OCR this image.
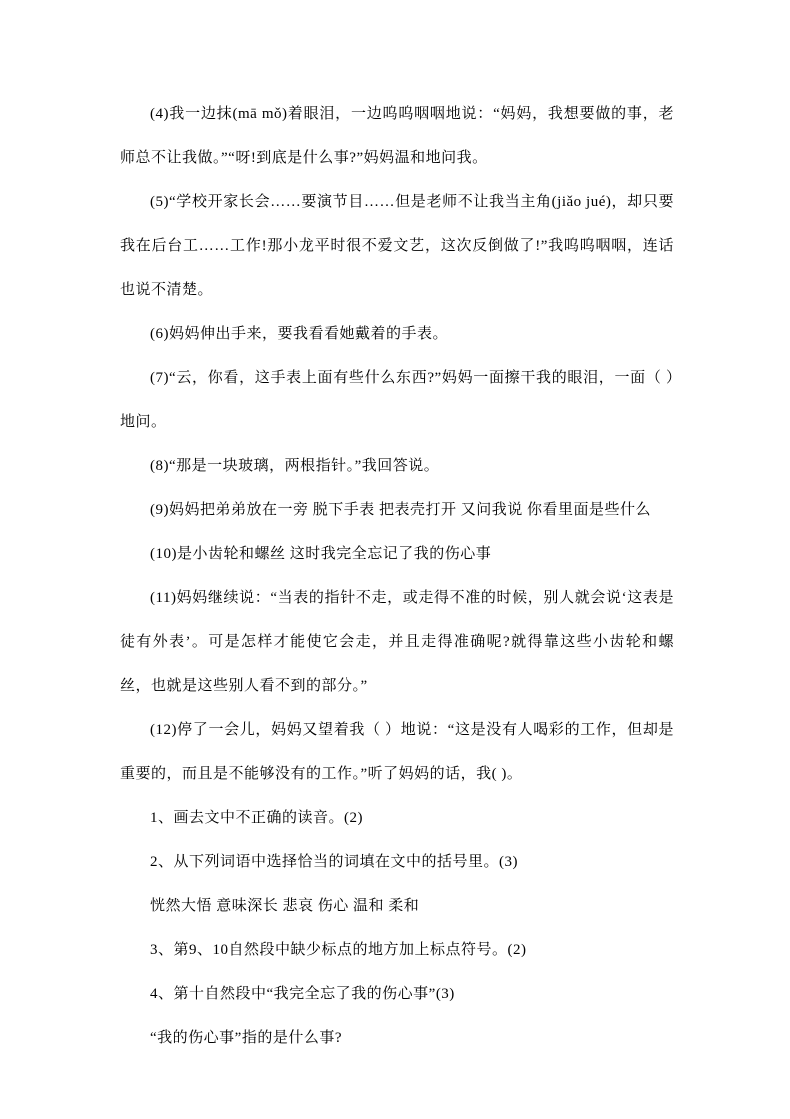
(4)我一边抹(mā mǒ)着眼泪，一边呜呜咽咽地说：“妈妈，我想要做的事，老师总不让我做。”“呀!到底是什么事?”妈妈温和地问我。

(5)“学校开家长会……要演节目……但是老师不让我当主角(jiǎo jué)，却只要我在后台工……工作!那小龙平时很不爱文艺，这次反倒做了!”我呜呜咽咽，连话也说不清楚。

(6)妈妈伸出手来，要我看看她戴着的手表。

(7)“云，你看，这手表上面有些什么东西?”妈妈一面擦干我的眼泪，一面（ ）地问。

(8)“那是一块玻璃，两根指针。”我回答说。

(9)妈妈把弟弟放在一旁 脱下手表 把表壳打开 又问我说 你看里面是些什么

(10)是小齿轮和螺丝 这时我完全忘记了我的伤心事

(11)妈妈继续说：“当表的指针不走，或走得不准的时候，别人就会说‘这表是徒有外表’。可是怎样才能使它会走，并且走得准确呢?就得靠这些小齿轮和螺丝，也就是这些别人看不到的部分。”

(12)停了一会儿，妈妈又望着我（ ）地说：“这是没有人喝彩的工作，但却是重要的，而且是不能够没有的工作。”听了妈妈的话，我( )。

1、画去文中不正确的读音。(2)

2、从下列词语中选择恰当的词填在文中的括号里。(3)

恍然大悟 意味深长 悲哀 伤心 温和 柔和

3、第9、10自然段中缺少标点的地方加上标点符号。(2)

4、第十自然段中“我完全忘了我的伤心事”(3)

“我的伤心事”指的是什么事?
